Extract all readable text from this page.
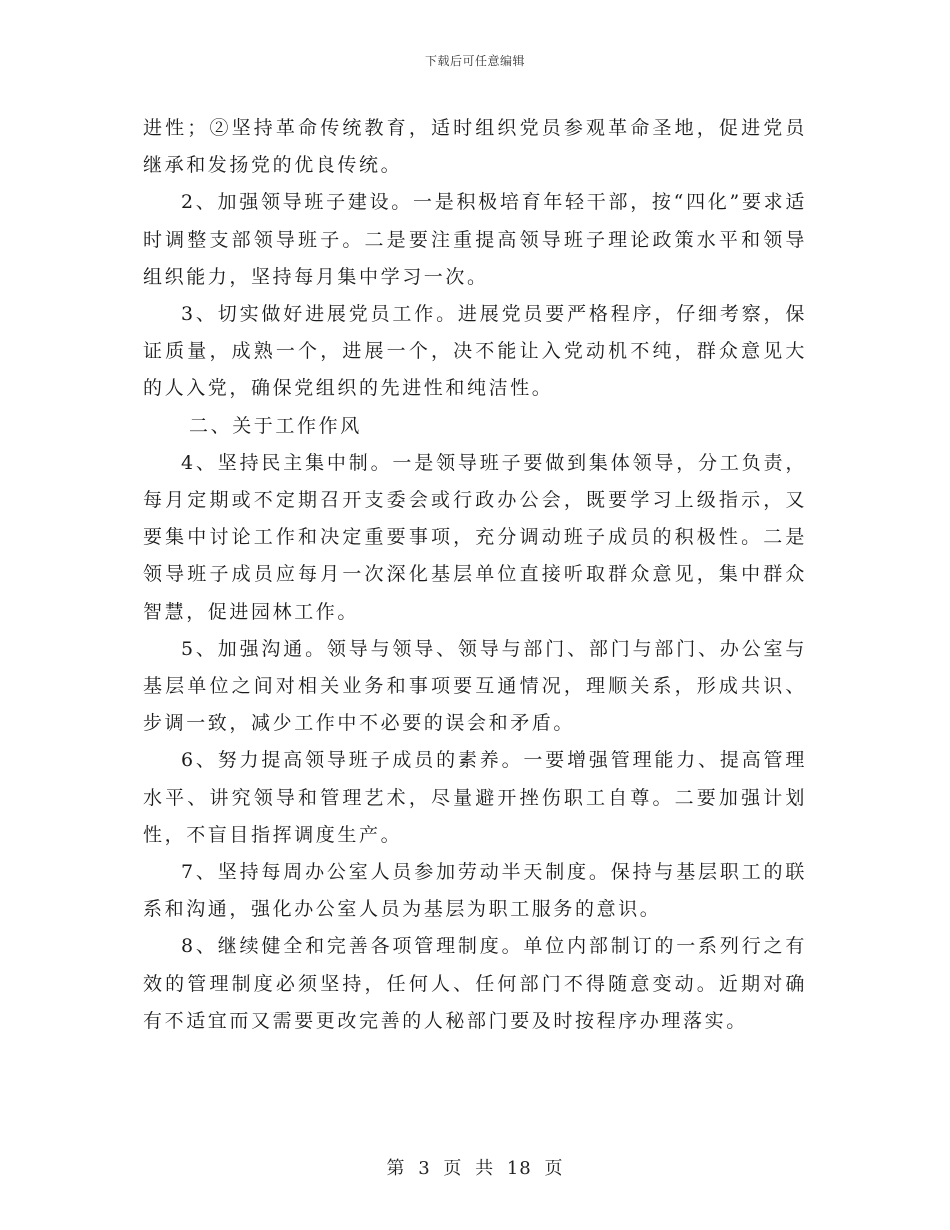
下载后可任意编辑

进性；②坚持革命传统教育，适时组织党员参观革命圣地，促进党员继承和发扬党的优良传统。

2、加强领导班子建设。一是积极培育年轻干部，按“四化”要求适时调整支部领导班子。二是要注重提高领导班子理论政策水平和领导组织能力，坚持每月集中学习一次。

3、切实做好进展党员工作。进展党员要严格程序，仔细考察，保证质量，成熟一个，进展一个，决不能让入党动机不纯，群众意见大的人入党，确保党组织的先进性和纯洁性。

二、关于工作作风

4、坚持民主集中制。一是领导班子要做到集体领导，分工负责，每月定期或不定期召开支委会或行政办公会，既要学习上级指示，又要集中讨论工作和决定重要事项，充分调动班子成员的积极性。二是领导班子成员应每月一次深化基层单位直接听取群众意见，集中群众智慧，促进园林工作。

5、加强沟通。领导与领导、领导与部门、部门与部门、办公室与基层单位之间对相关业务和事项要互通情况，理顺关系，形成共识、步调一致，减少工作中不必要的误会和矛盾。

6、努力提高领导班子成员的素养。一要增强管理能力、提高管理水平、讲究领导和管理艺术，尽量避开挫伤职工自尊。二要加强计划性，不盲目指挥调度生产。

7、坚持每周办公室人员参加劳动半天制度。保持与基层职工的联系和沟通，强化办公室人员为基层为职工服务的意识。

8、继续健全和完善各项管理制度。单位内部制订的一系列行之有效的管理制度必须坚持，任何人、任何部门不得随意变动。近期对确有不适宜而又需要更改完善的人秘部门要及时按程序办理落实。

第 3 页 共 18 页
